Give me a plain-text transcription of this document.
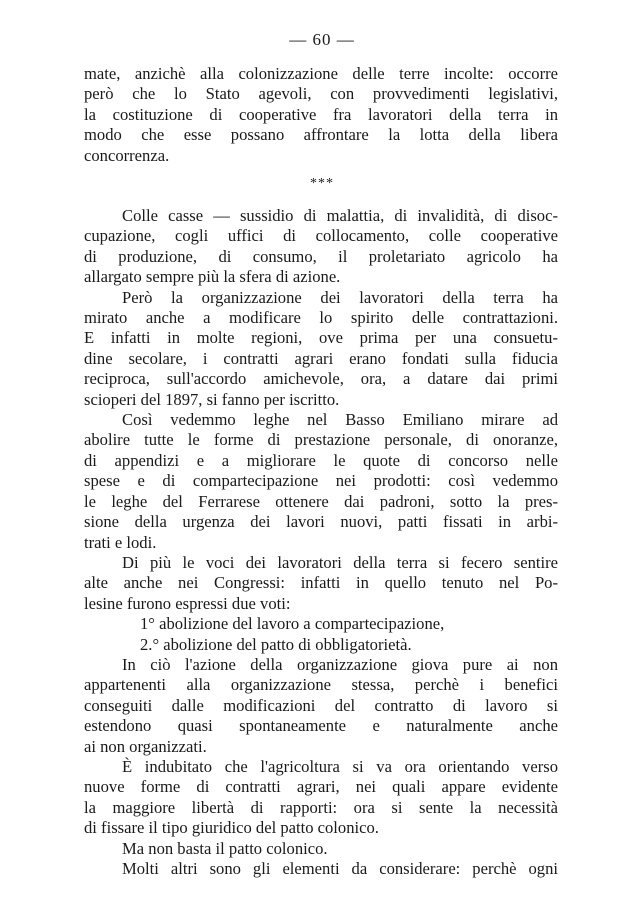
— 60 —
mate, anzichè alla colonizzazione delle terre incolte: occorre
però che lo Stato agevoli, con provvedimenti legislativi,
la costituzione di cooperative fra lavoratori della terra in
modo che esse possano affrontare la lotta della libera
concorrenza.
***
Colle casse — sussidio di malattia, di invalidità, di disoc-
cupazione, cogli uffici di collocamento, colle cooperative
di produzione, di consumo, il proletariato agricolo ha
allargato sempre più la sfera di azione.
Però la organizzazione dei lavoratori della terra ha
mirato anche a modificare lo spirito delle contrattazioni.
E infatti in molte regioni, ove prima per una consuetu-
dine secolare, i contratti agrari erano fondati sulla fiducia
reciproca, sull'accordo amichevole, ora, a datare dai primi
scioperi del 1897, si fanno per iscritto.
Così vedemmo leghe nel Basso Emiliano mirare ad
abolire tutte le forme di prestazione personale, di onoranze,
di appendizi e a migliorare le quote di concorso nelle
spese e di compartecipazione nei prodotti: così vedemmo
le leghe del Ferrarese ottenere dai padroni, sotto la pres-
sione della urgenza dei lavori nuovi, patti fissati in arbi-
trati e lodi.
Di più le voci dei lavoratori della terra si fecero sentire
alte anche nei Congressi: infatti in quello tenuto nel Po-
lesine furono espressi due voti:
1° abolizione del lavoro a compartecipazione,
2.° abolizione del patto di obbligatorietà.
In ciò l'azione della organizzazione giova pure ai non
appartenenti alla organizzazione stessa, perchè i benefici
conseguiti dalle modificazioni del contratto di lavoro si
estendono quasi spontaneamente e naturalmente anche
ai non organizzati.
È indubitato che l'agricoltura si va ora orientando verso
nuove forme di contratti agrari, nei quali appare evidente
la maggiore libertà di rapporti: ora si sente la necessità
di fissare il tipo giuridico del patto colonico.
Ma non basta il patto colonico.
Molti altri sono gli elementi da considerare: perchè ogni
